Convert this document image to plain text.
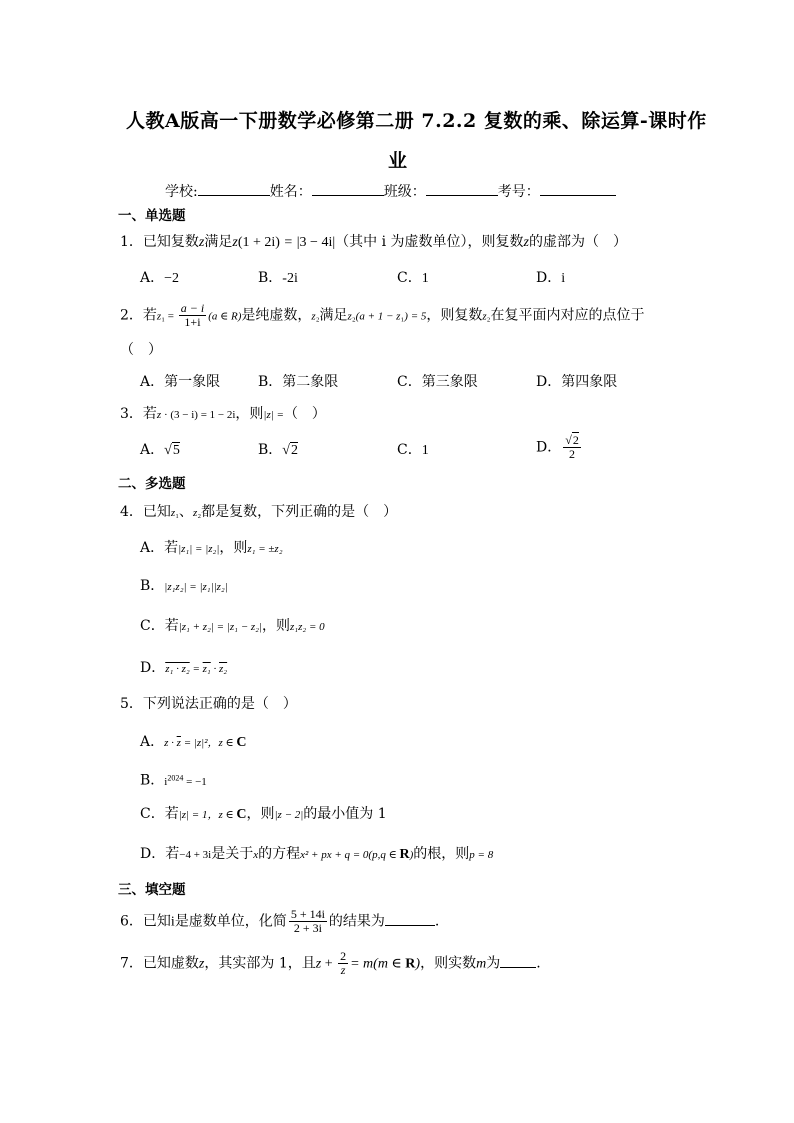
人教A版高一下册数学必修第二册 7.2.2 复数的乘、除运算-课时作
业
学校:	姓名：	班级：	考号：
一、单选题
1．已知复数z满足z(1 + 2i) = |3 − 4i|（其中 i 为虚数单位），则复数z的虚部为（　）
A．−2	B．-2i	C．1	D．i
2．若$z_1 = \frac{a - i}{1+i} (a$ ∈ R)是纯虚数，z₂满足z₂(a + 1 − z₁) = 5，则复数z₂在复平面内对应的点位于
（　）
A．第一象限	B．第二象限	C．第三象限	D．第四象限
3．若z · (3 − i) = 1 − 2i，则|z| =（　）
A．√5	B．√2	C．1	D． $\frac{√2}{2}$
二、多选题
4．已知z₁、z₂都是复数，下列正确的是（　）
A．若|z₁| = |z₂|，则z₁ = ±z₂
B．|z₁z₂| = |z₁||z₂|
C．若|z₁ + z₂| = |z₁ − z₂|，则z₁z₂ = 0
D．z₁ · z₂ = z₁ · z₂
5．下列说法正确的是（　）
A．$z \cdot \overline{z} = |z|^2$，z ∈ C
B．$i^{2024} = -1$
C．若|z| = 1，z ∈ C，则|z − 2|的最小值为 1
D．若−4 + 3i是关于x的方程x² + px + q = 0(p,q ∈ R)的根，则p = 8
三、填空题
6．已知i是虚数单位，化简 $\frac{5 + 14i}{2 + 3i}$ 的结果为	.
7．已知虚数z，其实部为 1，且$z + \frac{2}{z} = m(m$ ∈ R)，则实数m为	.
